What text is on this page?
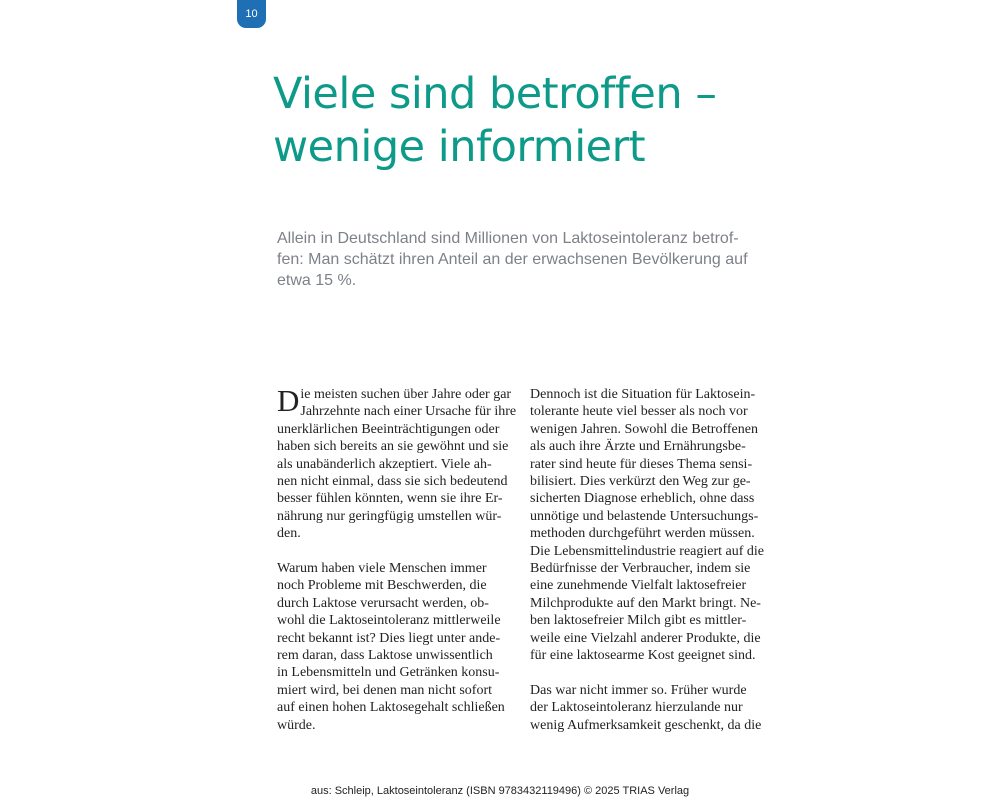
10
Viele sind betroffen –
wenige informiert
Allein in Deutschland sind Millionen von Laktoseintoleranz betrof-
fen: Man schätzt ihren Anteil an der erwachsenen Bevölkerung auf
etwa 15 %.
D ie meisten suchen über Jahre oder gar
Jahrzehnte nach einer Ursache für ihre
unerklärlichen Beeinträchtigungen oder
haben sich bereits an sie gewöhnt und sie
als unabänderlich akzeptiert. Viele ah-
nen nicht einmal, dass sie sich bedeutend
besser fühlen könnten, wenn sie ihre Er-
nährung nur geringfügig umstellen wür-
den.
Warum haben viele Menschen immer
noch Probleme mit Beschwerden, die
durch Laktose verursacht werden, ob-
wohl die Laktoseintoleranz mittlerweile
recht bekannt ist? Dies liegt unter ande-
rem daran, dass Laktose unwissentlich
in Lebensmitteln und Getränken konsu-
miert wird, bei denen man nicht sofort
auf einen hohen Laktosegehalt schließen
würde.
Dennoch ist die Situation für Laktosein-
tolerante heute viel besser als noch vor
wenigen Jahren. Sowohl die Betroffenen
als auch ihre Ärzte und Ernährungsbe-
rater sind heute für dieses Thema sensi-
bilisiert. Dies verkürzt den Weg zur ge-
sicherten Diagnose erheblich, ohne dass
unnötige und belastende Untersuchungs-
methoden durchgeführt werden müssen.
Die Lebensmittelindustrie reagiert auf die
Bedürfnisse der Verbraucher, indem sie
eine zunehmende Vielfalt laktosefreier
Milchprodukte auf den Markt bringt. Ne-
ben laktosefreier Milch gibt es mittler-
weile eine Vielzahl anderer Produkte, die
für eine laktosearme Kost geeignet sind.
Das war nicht immer so. Früher wurde
der Laktoseintoleranz hierzulande nur
wenig Aufmerksamkeit geschenkt, da die
aus: Schleip, Laktoseintoleranz (ISBN 9783432119496) © 2025 TRIAS Verlag
